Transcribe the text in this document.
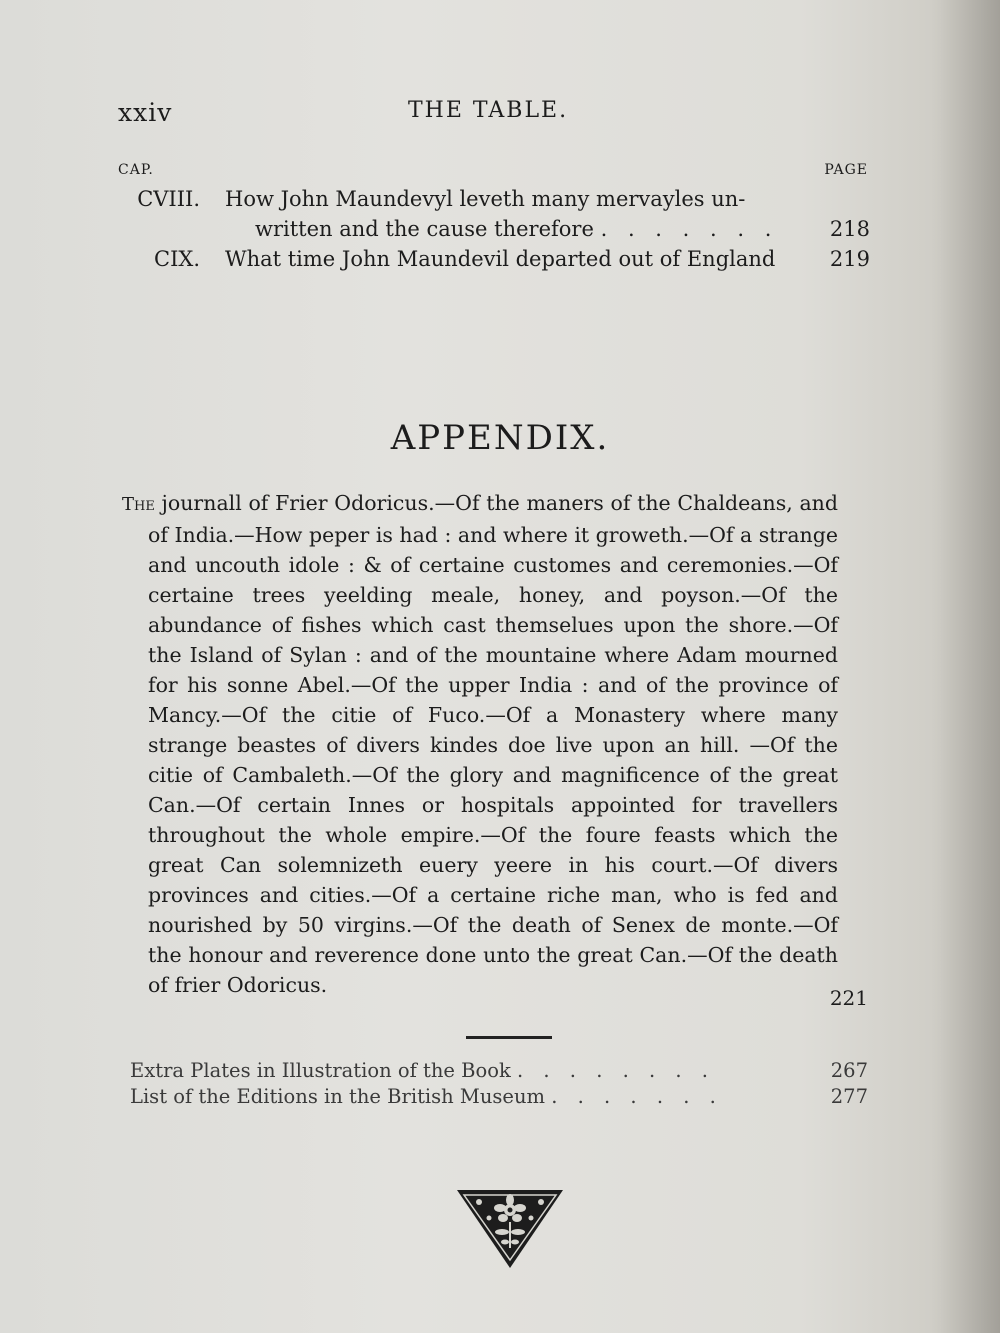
xxiv	THE TABLE.
CAP.	PAGE
CVIII. How John Maundevyl leveth many mervayles un-
written and the cause therefore . . . . . . .	218
CIX. What time John Maundevil departed out of England	219
APPENDIX.
The journall of Frier Odoricus.—Of the maners of the Chaldeans, and of India.—How peper is had : and where it groweth.—Of a strange and uncouth idole : & of certaine customes and ceremonies.—Of certaine trees yeelding meale, honey, and poyson.—Of the abundance of fishes which cast themselues upon the shore.—Of the Island of Sylan : and of the mountaine where Adam mourned for his sonne Abel.—Of the upper India : and of the province of Mancy.—Of the citie of Fuco.—Of a Monastery where many strange beastes of divers kindes doe live upon an hill. —Of the citie of Cambaleth.—Of the glory and magnificence of the great Can.—Of certain Innes or hospitals appointed for travellers throughout the whole empire.—Of the foure feasts which the great Can solemnizeth euery yeere in his court.—Of divers provinces and cities.—Of a certaine riche man, who is fed and nourished by 50 virgins.—Of the death of Senex de monte.—Of the honour and reverence done unto the great Can.—Of the death of frier Odoricus.
221
Extra Plates in Illustration of the Book . . . . . . . .	267
List of the Editions in the British Museum . . . . . . .	277
